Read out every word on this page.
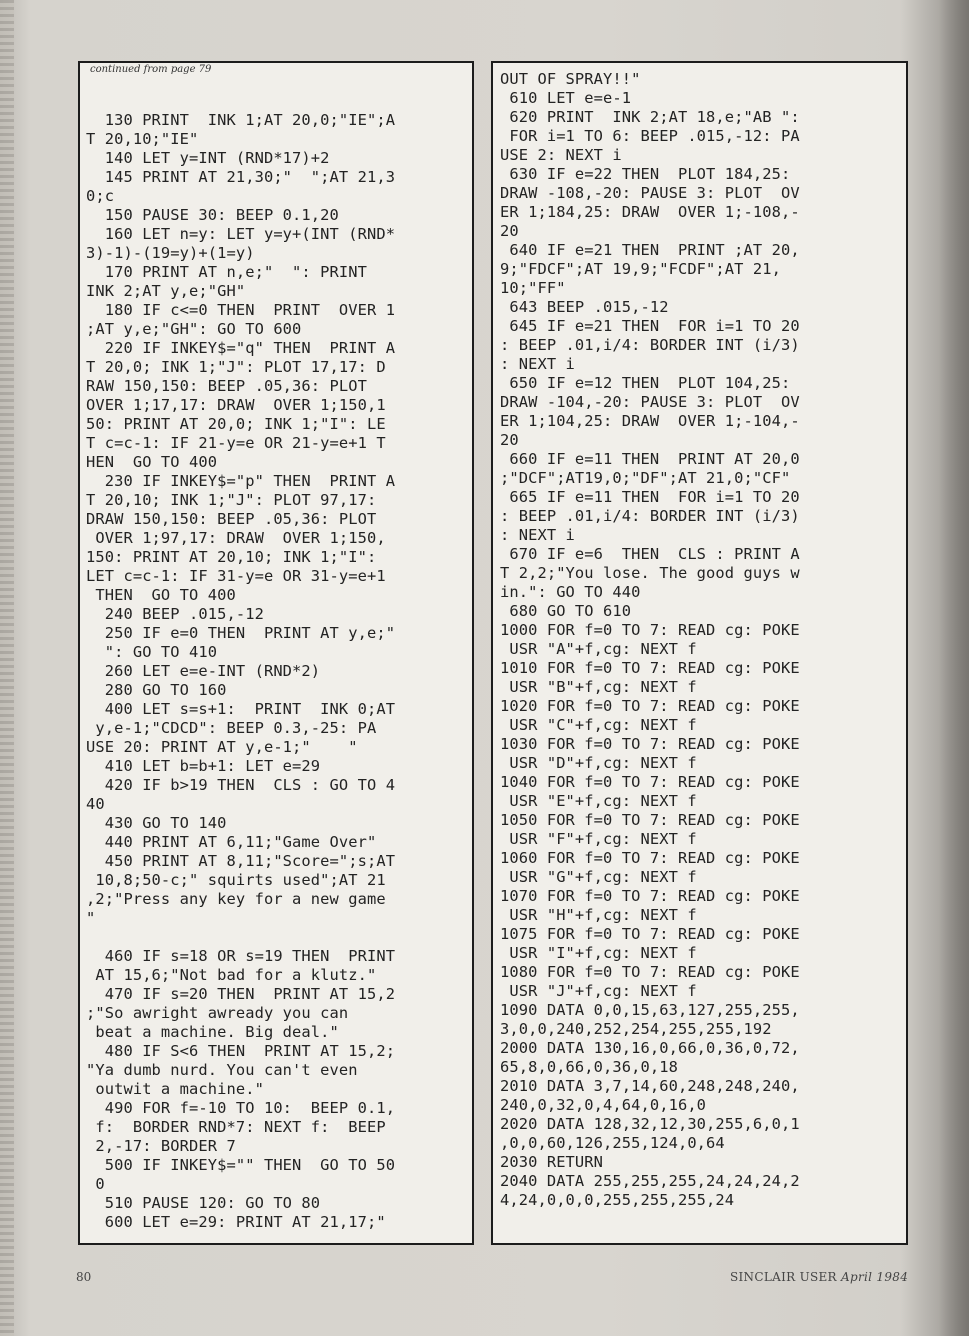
continued from page 79
130 PRINT  INK 1;AT 20,0;"IE";A
T 20,10;"IE"
140 LET y=INT (RND*17)+2
145 PRINT AT 21,30;"  ";AT 21,3
0;c
150 PAUSE 30: BEEP 0.1,20
160 LET n=y: LET y=y+(INT (RND*
3)-1)-(19=y)+(1=y)
170 PRINT AT n,e;"  ": PRINT
INK 2;AT y,e;"GH"
180 IF c<=0 THEN  PRINT  OVER 1
;AT y,e;"GH": GO TO 600
220 IF INKEY$="q" THEN  PRINT A
T 20,0; INK 1;"J": PLOT 17,17: D
RAW 150,150: BEEP .05,36: PLOT
OVER 1;17,17: DRAW  OVER 1;150,1
50: PRINT AT 20,0; INK 1;"I": LE
T c=c-1: IF 21-y=e OR 21-y=e+1 T
HEN  GO TO 400
230 IF INKEY$="p" THEN  PRINT A
T 20,10; INK 1;"J": PLOT 97,17:
DRAW 150,150: BEEP .05,36: PLOT
OVER 1;97,17: DRAW  OVER 1;150,
150: PRINT AT 20,10; INK 1;"I":
LET c=c-1: IF 31-y=e OR 31-y=e+1
THEN  GO TO 400
240 BEEP .015,-12
250 IF e=0 THEN  PRINT AT y,e;"
": GO TO 410
260 LET e=e-INT (RND*2)
280 GO TO 160
400 LET s=s+1:  PRINT  INK 0;AT
y,e-1;"CDCD": BEEP 0.3,-25: PA
USE 20: PRINT AT y,e-1;"    "
410 LET b=b+1: LET e=29
420 IF b>19 THEN  CLS : GO TO 4
40
430 GO TO 140
440 PRINT AT 6,11;"Game Over"
450 PRINT AT 8,11;"Score=";s;AT
10,8;50-c;" squirts used";AT 21
,2;"Press any key for a new game
"

460 IF s=18 OR s=19 THEN  PRINT
AT 15,6;"Not bad for a klutz."
470 IF s=20 THEN  PRINT AT 15,2
;"So awright awready you can
beat a machine. Big deal."
480 IF S<6 THEN  PRINT AT 15,2;
"Ya dumb nurd. You can't even
outwit a machine."
490 FOR f=-10 TO 10:  BEEP 0.1,
f:  BORDER RND*7: NEXT f:  BEEP
2,-17: BORDER 7
500 IF INKEY$="" THEN  GO TO 50
0
510 PAUSE 120: GO TO 80
600 LET e=29: PRINT AT 21,17;"
OUT OF SPRAY!!"
610 LET e=e-1
620 PRINT  INK 2;AT 18,e;"AB ":
FOR i=1 TO 6: BEEP .015,-12: PA
USE 2: NEXT i
630 IF e=22 THEN  PLOT 184,25:
DRAW -108,-20: PAUSE 3: PLOT  OV
ER 1;184,25: DRAW  OVER 1;-108,-
20
640 IF e=21 THEN  PRINT ;AT 20,
9;"FDCF";AT 19,9;"FCDF";AT 21,
10;"FF"
643 BEEP .015,-12
645 IF e=21 THEN  FOR i=1 TO 20
: BEEP .01,i/4: BORDER INT (i/3)
: NEXT i
650 IF e=12 THEN  PLOT 104,25:
DRAW -104,-20: PAUSE 3: PLOT  OV
ER 1;104,25: DRAW  OVER 1;-104,-
20
660 IF e=11 THEN  PRINT AT 20,0
;"DCF";AT19,0;"DF";AT 21,0;"CF"
665 IF e=11 THEN  FOR i=1 TO 20
: BEEP .01,i/4: BORDER INT (i/3)
: NEXT i
670 IF e=6  THEN  CLS : PRINT A
T 2,2;"You lose. The good guys w
in.": GO TO 440
680 GO TO 610
1000 FOR f=0 TO 7: READ cg: POKE
USR "A"+f,cg: NEXT f
1010 FOR f=0 TO 7: READ cg: POKE
USR "B"+f,cg: NEXT f
1020 FOR f=0 TO 7: READ cg: POKE
USR "C"+f,cg: NEXT f
1030 FOR f=0 TO 7: READ cg: POKE
USR "D"+f,cg: NEXT f
1040 FOR f=0 TO 7: READ cg: POKE
USR "E"+f,cg: NEXT f
1050 FOR f=0 TO 7: READ cg: POKE
USR "F"+f,cg: NEXT f
1060 FOR f=0 TO 7: READ cg: POKE
USR "G"+f,cg: NEXT f
1070 FOR f=0 TO 7: READ cg: POKE
USR "H"+f,cg: NEXT f
1075 FOR f=0 TO 7: READ cg: POKE
USR "I"+f,cg: NEXT f
1080 FOR f=0 TO 7: READ cg: POKE
USR "J"+f,cg: NEXT f
1090 DATA 0,0,15,63,127,255,255,
3,0,0,240,252,254,255,255,192
2000 DATA 130,16,0,66,0,36,0,72,
65,8,0,66,0,36,0,18
2010 DATA 3,7,14,60,248,248,240,
240,0,32,0,4,64,0,16,0
2020 DATA 128,32,12,30,255,6,0,1
,0,0,60,126,255,124,0,64
2030 RETURN
2040 DATA 255,255,255,24,24,24,2
4,24,0,0,0,255,255,255,24
80	SINCLAIR USER April 1984
